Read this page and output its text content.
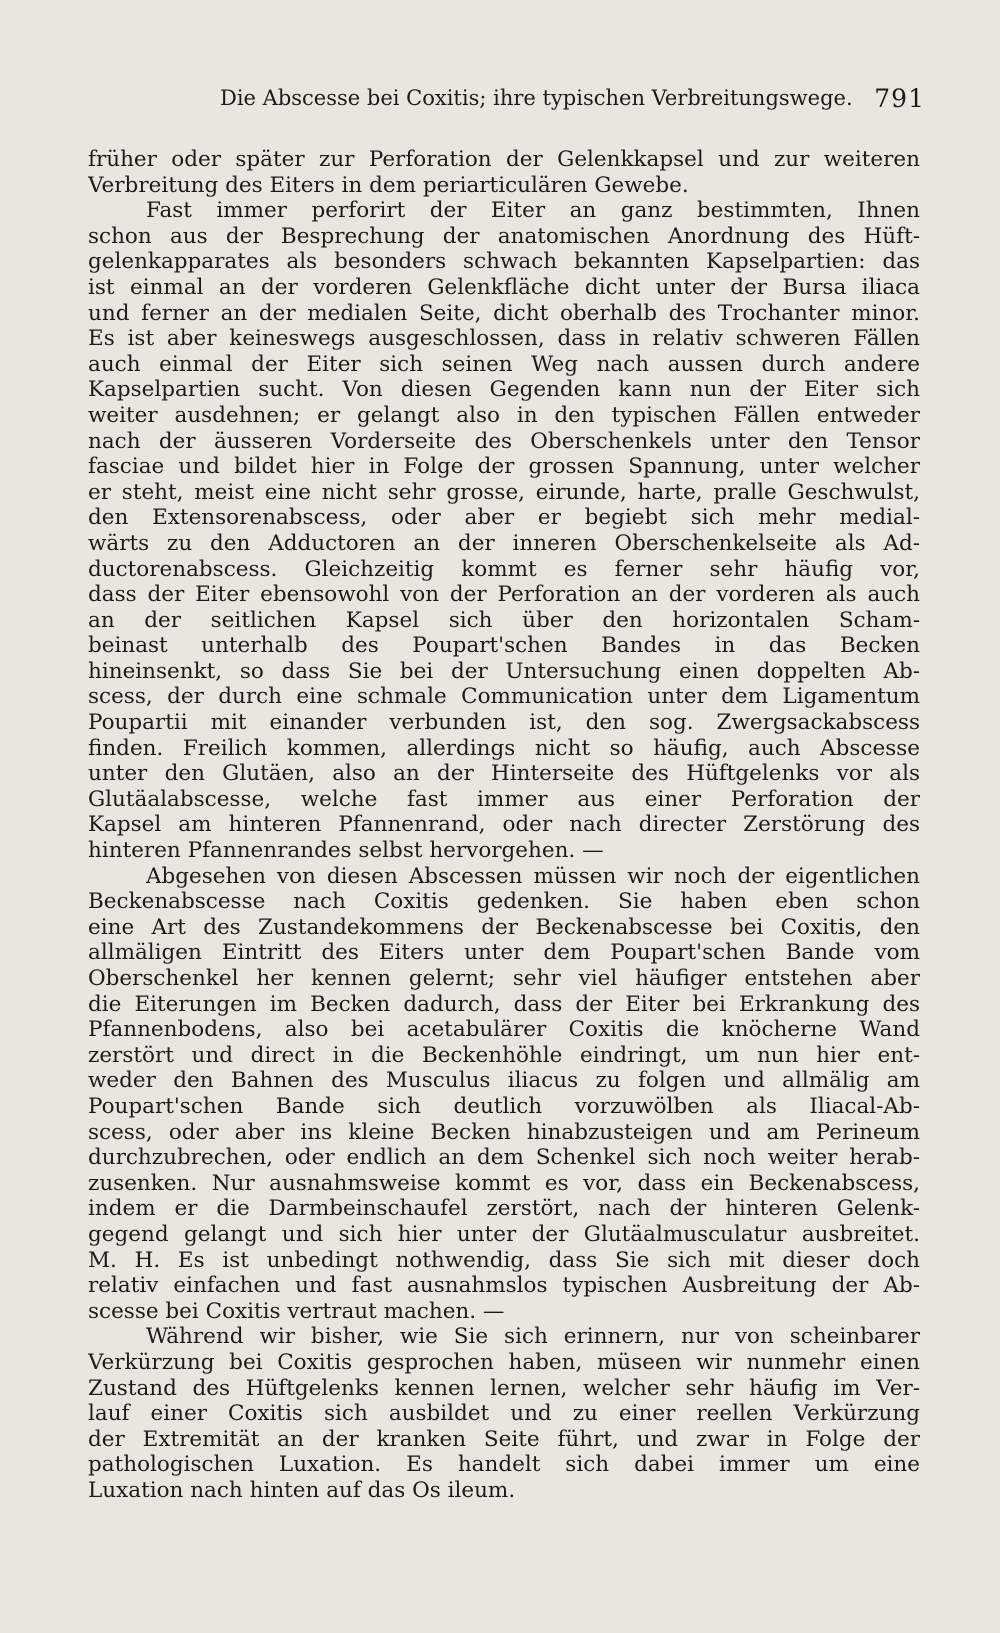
Die Abscesse bei Coxitis; ihre typischen Verbreitungswege. 791
früher oder später zur Perforation der Gelenkkapsel und zur weiteren
Verbreitung des Eiters in dem periarticulären Gewebe.
Fast immer perforirt der Eiter an ganz bestimmten, Ihnen
schon aus der Besprechung der anatomischen Anordnung des Hüft-
gelenkapparates als besonders schwach bekannten Kapselpartien: das
ist einmal an der vorderen Gelenkfläche dicht unter der Bursa iliaca
und ferner an der medialen Seite, dicht oberhalb des Trochanter minor.
Es ist aber keineswegs ausgeschlossen, dass in relativ schweren Fällen
auch einmal der Eiter sich seinen Weg nach aussen durch andere
Kapselpartien sucht. Von diesen Gegenden kann nun der Eiter sich
weiter ausdehnen; er gelangt also in den typischen Fällen entweder
nach der äusseren Vorderseite des Oberschenkels unter den Tensor
fasciae und bildet hier in Folge der grossen Spannung, unter welcher
er steht, meist eine nicht sehr grosse, eirunde, harte, pralle Geschwulst,
den Extensorenabscess, oder aber er begiebt sich mehr medial-
wärts zu den Adductoren an der inneren Oberschenkelseite als Ad-
ductorenabscess. Gleichzeitig kommt es ferner sehr häufig vor,
dass der Eiter ebensowohl von der Perforation an der vorderen als auch
an der seitlichen Kapsel sich über den horizontalen Scham-
beinast unterhalb des Poupart'schen Bandes in das Becken
hineinsenkt, so dass Sie bei der Untersuchung einen doppelten Ab-
scess, der durch eine schmale Communication unter dem Ligamentum
Poupartii mit einander verbunden ist, den sog. Zwergsackabscess
finden. Freilich kommen, allerdings nicht so häufig, auch Abscesse
unter den Glutäen, also an der Hinterseite des Hüftgelenks vor als
Glutäalabscesse, welche fast immer aus einer Perforation der
Kapsel am hinteren Pfannenrand, oder nach directer Zerstörung des
hinteren Pfannenrandes selbst hervorgehen. —
Abgesehen von diesen Abscessen müssen wir noch der eigentlichen
Beckenabscesse nach Coxitis gedenken. Sie haben eben schon
eine Art des Zustandekommens der Beckenabscesse bei Coxitis, den
allmäligen Eintritt des Eiters unter dem Poupart'schen Bande vom
Oberschenkel her kennen gelernt; sehr viel häufiger entstehen aber
die Eiterungen im Becken dadurch, dass der Eiter bei Erkrankung des
Pfannenbodens, also bei acetabulärer Coxitis die knöcherne Wand
zerstört und direct in die Beckenhöhle eindringt, um nun hier ent-
weder den Bahnen des Musculus iliacus zu folgen und allmälig am
Poupart'schen Bande sich deutlich vorzuwölben als Iliacal-Ab-
scess, oder aber ins kleine Becken hinabzusteigen und am Perineum
durchzubrechen, oder endlich an dem Schenkel sich noch weiter herab-
zusenken. Nur ausnahmsweise kommt es vor, dass ein Beckenabscess,
indem er die Darmbeinschaufel zerstört, nach der hinteren Gelenk-
gegend gelangt und sich hier unter der Glutäalmusculatur ausbreitet.
M. H. Es ist unbedingt nothwendig, dass Sie sich mit dieser doch
relativ einfachen und fast ausnahmslos typischen Ausbreitung der Ab-
scesse bei Coxitis vertraut machen. —
Während wir bisher, wie Sie sich erinnern, nur von scheinbarer
Verkürzung bei Coxitis gesprochen haben, müseen wir nunmehr einen
Zustand des Hüftgelenks kennen lernen, welcher sehr häufig im Ver-
lauf einer Coxitis sich ausbildet und zu einer reellen Verkürzung
der Extremität an der kranken Seite führt, und zwar in Folge der
pathologischen Luxation. Es handelt sich dabei immer um eine
Luxation nach hinten auf das Os ileum.
